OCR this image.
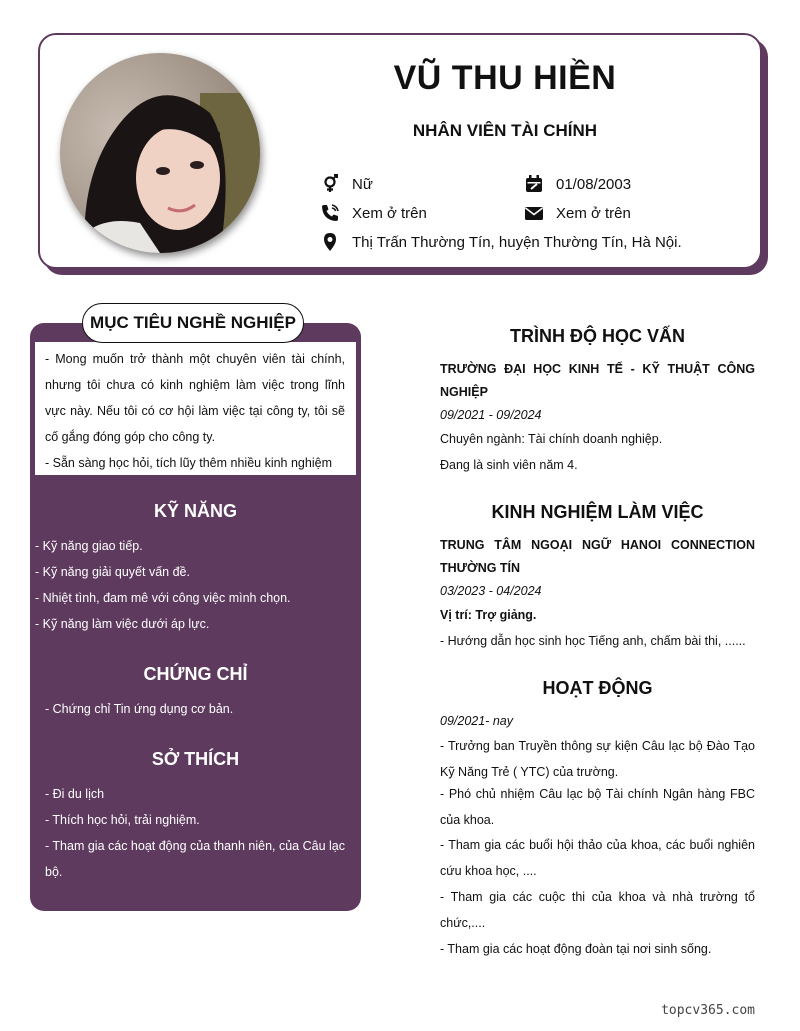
VŨ THU HIỀN
NHÂN VIÊN TÀI CHÍNH
Nữ	01/08/2003
Xem ở trên	Xem ở trên
Thị Trấn Thường Tín, huyện Thường Tín, Hà Nội.

- Mong muốn trở thành một chuyên viên tài chính, nhưng tôi chưa có kinh nghiệm làm việc trong lĩnh vực này. Nếu tôi có cơ hội làm việc tại công ty, tôi sẽ cố gắng đóng góp cho công ty.

- Sẵn sàng học hỏi, tích lũy thêm nhiều kinh nghiệm

MỤC TIÊU NGHỀ NGHIỆP
KỸ NĂNG
- Kỹ năng giao tiếp.
- Kỹ năng giải quyết vấn đề.
- Nhiệt tình, đam mê với công việc mình chọn.
- Kỹ năng làm việc dưới áp lực.
CHỨNG CHỈ
- Chứng chỉ Tin ứng dụng cơ bản.
SỞ THÍCH
- Đi du lịch
- Thích học hỏi, trải nghiệm.
- Tham gia các hoạt động của thanh niên, của Câu lạc bộ.
TRÌNH ĐỘ HỌC VẤN
TRƯỜNG ĐẠI HỌC KINH TẾ - KỸ THUẬT CÔNG NGHIỆP
09/2021 - 09/2024
Chuyên ngành: Tài chính doanh nghiệp.
Đang là sinh viên năm 4.
KINH NGHIỆM LÀM VIỆC
TRUNG TÂM NGOẠI NGỮ HANOI CONNECTION THƯỜNG TÍN
03/2023 - 04/2024
Vị trí: Trợ giảng.
- Hướng dẫn học sinh học Tiếng anh, chấm bài thi, ......
HOẠT ĐỘNG
09/2021- nay
- Trưởng ban Truyền thông sự kiện Câu lạc bộ Đào Tạo Kỹ Năng Trẻ ( YTC) của trường.
- Phó chủ nhiệm Câu lạc bộ Tài chính Ngân hàng FBC của khoa.
- Tham gia các buổi hội thảo của khoa, các buổi nghiên cứu khoa học, ....
- Tham gia các cuộc thi của khoa và nhà trường tổ chức,....
- Tham gia các hoạt động đoàn tại nơi sinh sống.
topcv365.com
